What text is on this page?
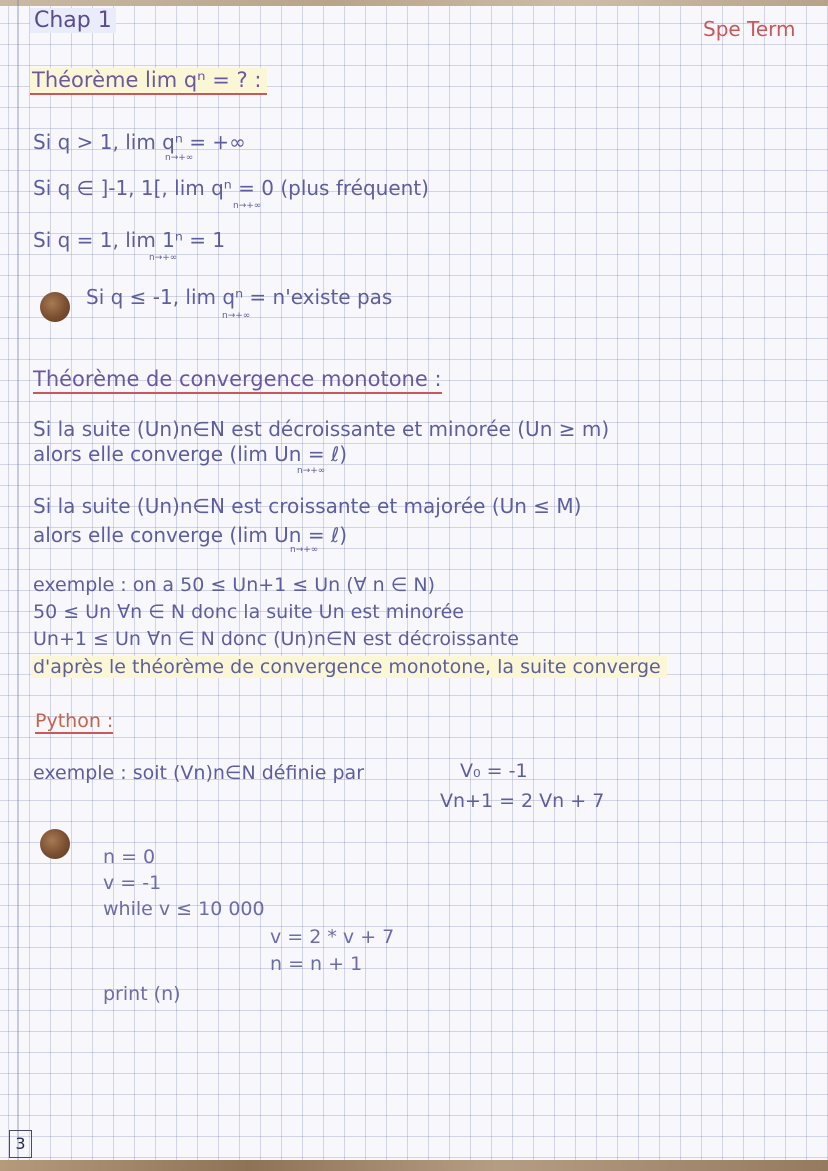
Chap 1	Spe Term
Théorème lim qⁿ = ? :
Si q > 1, lim qⁿ = +∞
n→+∞
Si q ∈ ]-1, 1[, lim qⁿ = 0 (plus fréquent)
n→+∞
Si q = 1, lim 1ⁿ = 1
n→+∞
Si q ≤ -1, lim qⁿ = n'existe pas
n→+∞
Théorème de convergence monotone :
Si la suite (Un)n∈N est décroissante et minorée (Un ≥ m)
alors elle converge (lim Un = ℓ)
n→+∞
Si la suite (Un)n∈N est croissante et majorée (Un ≤ M)
alors elle converge (lim Un = ℓ)
n→+∞
exemple : on a 50 ≤ Un+1 ≤ Un (∀ n ∈ N)
50 ≤ Un ∀n ∈ N donc la suite Un est minorée
Un+1 ≤ Un ∀n ∈ N donc (Un)n∈N est décroissante
d'après le théorème de convergence monotone, la suite converge
Python :
exemple : soit (Vn)n∈N définie par	V₀ = -1
Vn+1 = 2 Vn + 7
n = 0
v = -1
while v ≤ 10 000
v = 2 * v + 7
n = n + 1
print (n)
3
